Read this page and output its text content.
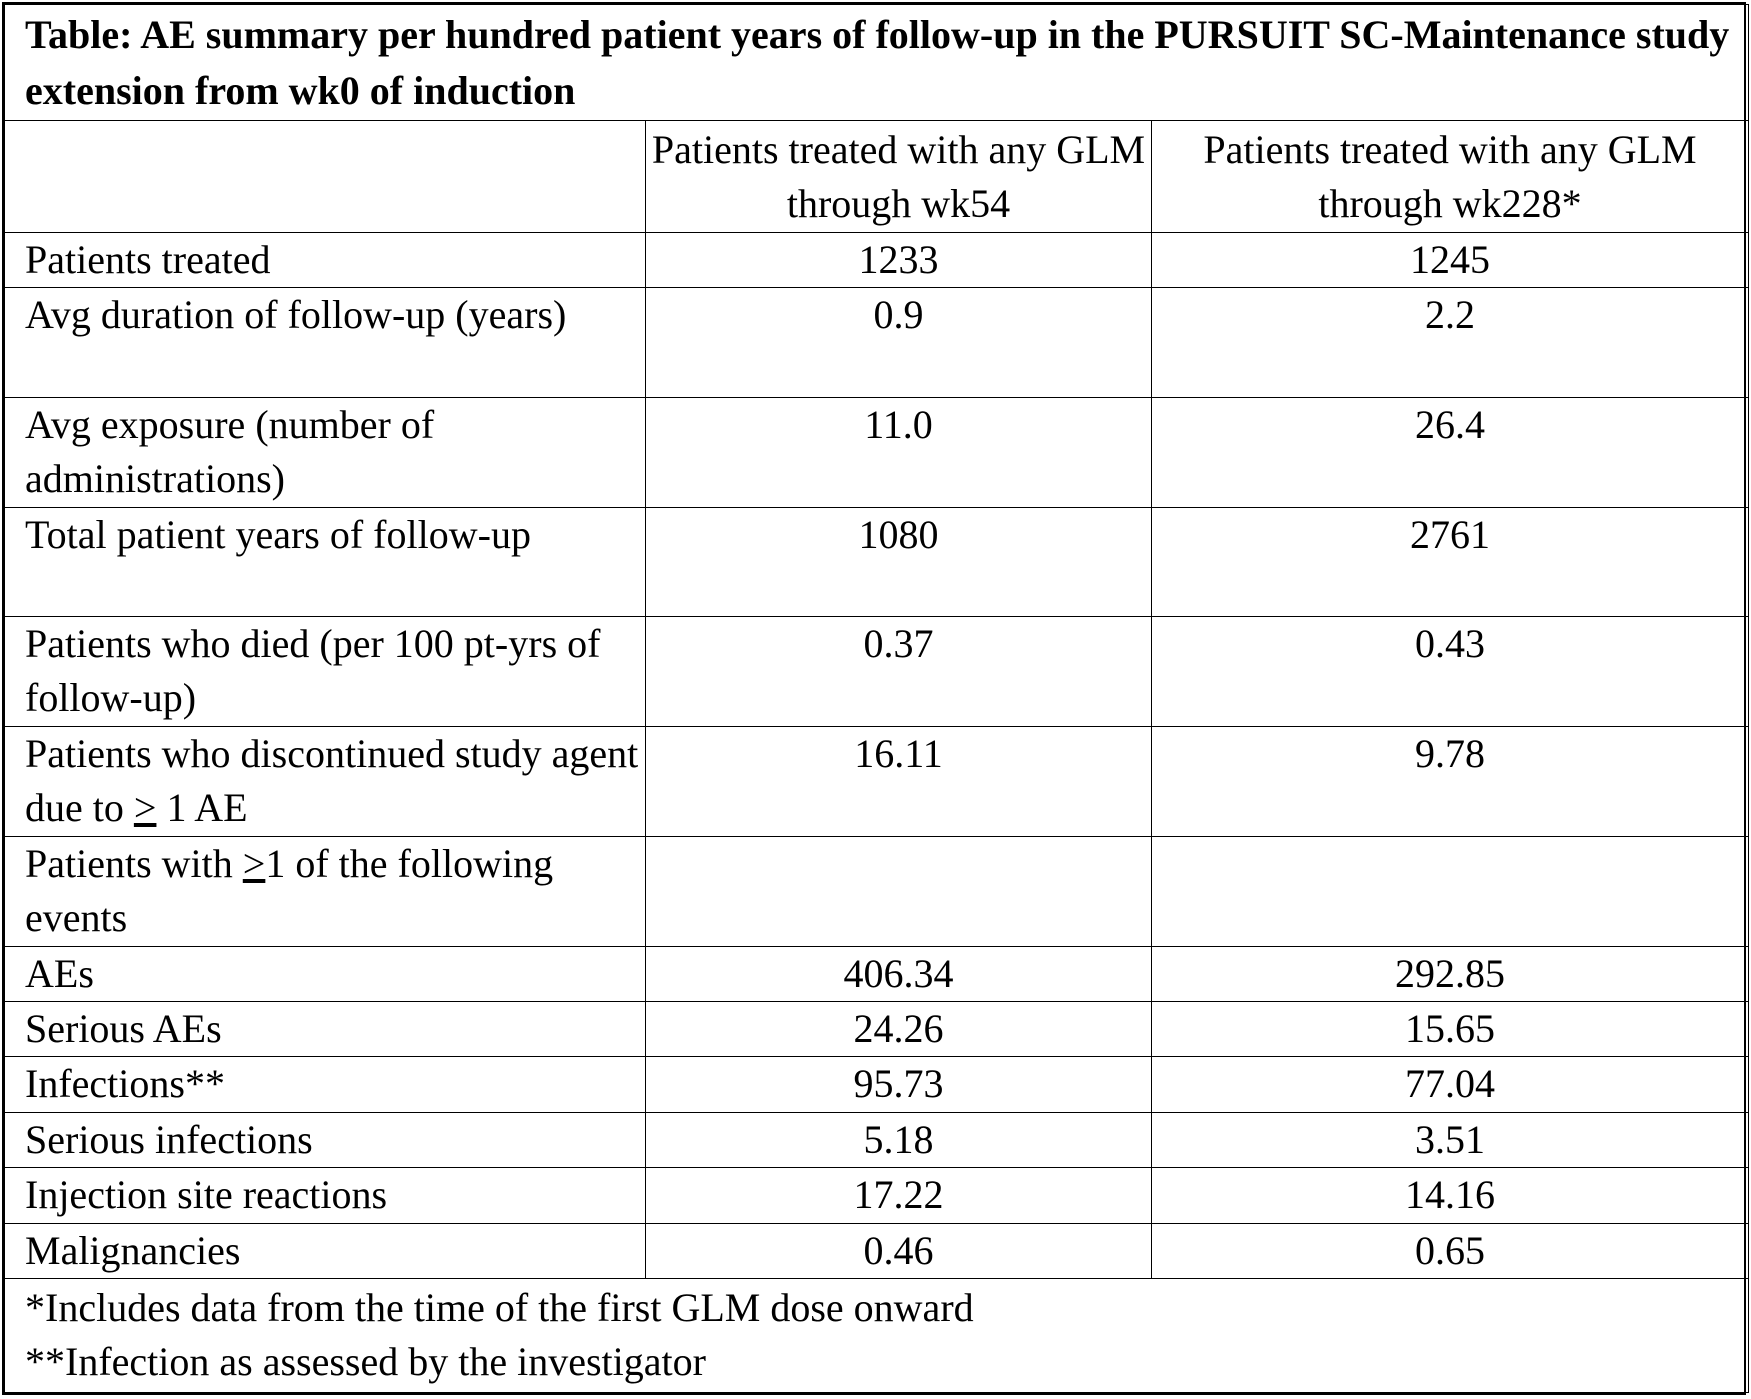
Table: AE summary per hundred patient years of follow-up in the PURSUIT SC-Maintenance study extension from wk0 of induction		
	Patients treated with any GLM through wk54	Patients treated with any GLM through wk228*
Patients treated	1233	1245
Avg duration of follow-up (years)	0.9	2.2
Avg exposure (number of administrations)	11.0	26.4
Total patient years of follow-up	1080	2761
Patients who died (per 100 pt-yrs of follow-up)	0.37	0.43
Patients who discontinued study agent due to ≥ 1 AE	16.11	9.78
Patients with ≥1 of the following events		
AEs	406.34	292.85
Serious AEs	24.26	15.65
Infections**	95.73	77.04
Serious infections	5.18	3.51
Injection site reactions	17.22	14.16
Malignancies	0.46	0.65

*Includes data from the time of the first GLM dose onward
**Infection as assessed by the investigator		
